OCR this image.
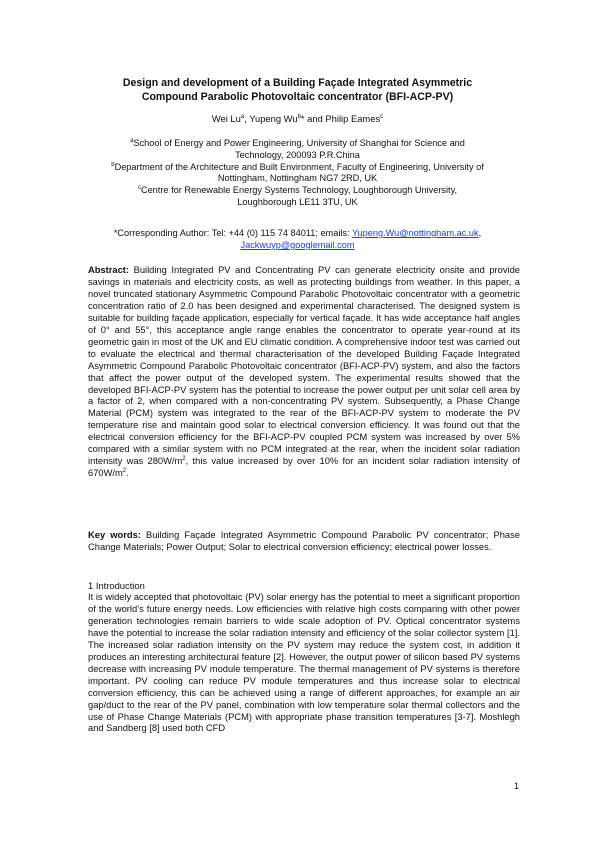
Design and development of a Building Façade Integrated Asymmetric
Compound Parabolic Photovoltaic concentrator (BFI-ACP-PV)
Wei Lu$^a$, Yupeng Wu$^b$* and Philip Eames$^c$

$^a$School of Energy and Power Engineering, University of Shanghai for Science and
Technology, 200093 P.R.China

$^b$Department of the Architecture and Built Environment, Faculty of Engineering, University of
Nottingham, Nottingham NG7 2RD, UK

$^c$Centre for Renewable Energy Systems Technology, Loughborough University,
Loughborough LE11 3TU, UK

*Corresponding Author: Tel: +44 (0) 115 74 84011; emails: Yupeng.Wu@nottingham.ac.uk,
Jackwuyp@googlemail.com

Abstract: Building Integrated PV and Concentrating PV can generate electricity onsite and provide savings in materials and electricity costs, as well as protecting buildings from weather. In this paper, a novel truncated stationary Asymmetric Compound Parabolic Photovoltaic concentrator with a geometric concentration ratio of 2.0 has been designed and experimental characterised. The designed system is suitable for building façade application, especially for vertical façade. It has wide acceptance half angles of 0° and 55°, this acceptance angle range enables the concentrator to operate year-round at its geometric gain in most of the UK and EU climatic condition. A comprehensive indoor test was carried out to evaluate the electrical and thermal characterisation of the developed Building Façade Integrated Asymmetric Compound Parabolic Photovoltaic concentrator (BFI-ACP-PV) system, and also the factors that affect the power output of the developed system. The experimental results showed that the developed BFI-ACP-PV system has the potential to increase the power output per unit solar cell area by a factor of 2, when compared with a non-concentrating PV system. Subsequently, a Phase Change Material (PCM) system was integrated to the rear of the BFI-ACP-PV system to moderate the PV temperature rise and maintain good solar to electrical conversion efficiency. It was found out that the electrical conversion efficiency for the BFI-ACP-PV coupled PCM system was increased by over 5% compared with a similar system with no PCM integrated at the rear, when the incident solar radiation intensity was $280W/m^2$, this value increased by over 10% for an incident solar radiation intensity of $670W/m^2$.

Key words: Building Façade Integrated Asymmetric Compound Parabolic PV concentrator; Phase Change Materials; Power Output; Solar to electrical conversion efficiency; electrical power losses.

1 Introduction

It is widely accepted that photovoltaic (PV) solar energy has the potential to meet a significant proportion of the world’s future energy needs. Low efficiencies with relative high costs comparing with other power generation technologies remain barriers to wide scale adoption of PV. Optical concentrator systems have the potential to increase the solar radiation intensity and efficiency of the solar collector system [1]. The increased solar radiation intensity on the PV system may reduce the system cost, in addition it produces an interesting architectural feature [2]. However, the output power of silicon based PV systems decrease with increasing PV module temperature. The thermal management of PV systems is therefore important. PV cooling can reduce PV module temperatures and thus increase solar to electrical conversion efficiency, this can be achieved using a range of different approaches, for example an air gap/duct to the rear of the PV panel, combination with low temperature solar thermal collectors and the use of Phase Change Materials (PCM) with appropriate phase transition temperatures [3-7]. Moshlegh and Sandberg [8] used both CFD

1
